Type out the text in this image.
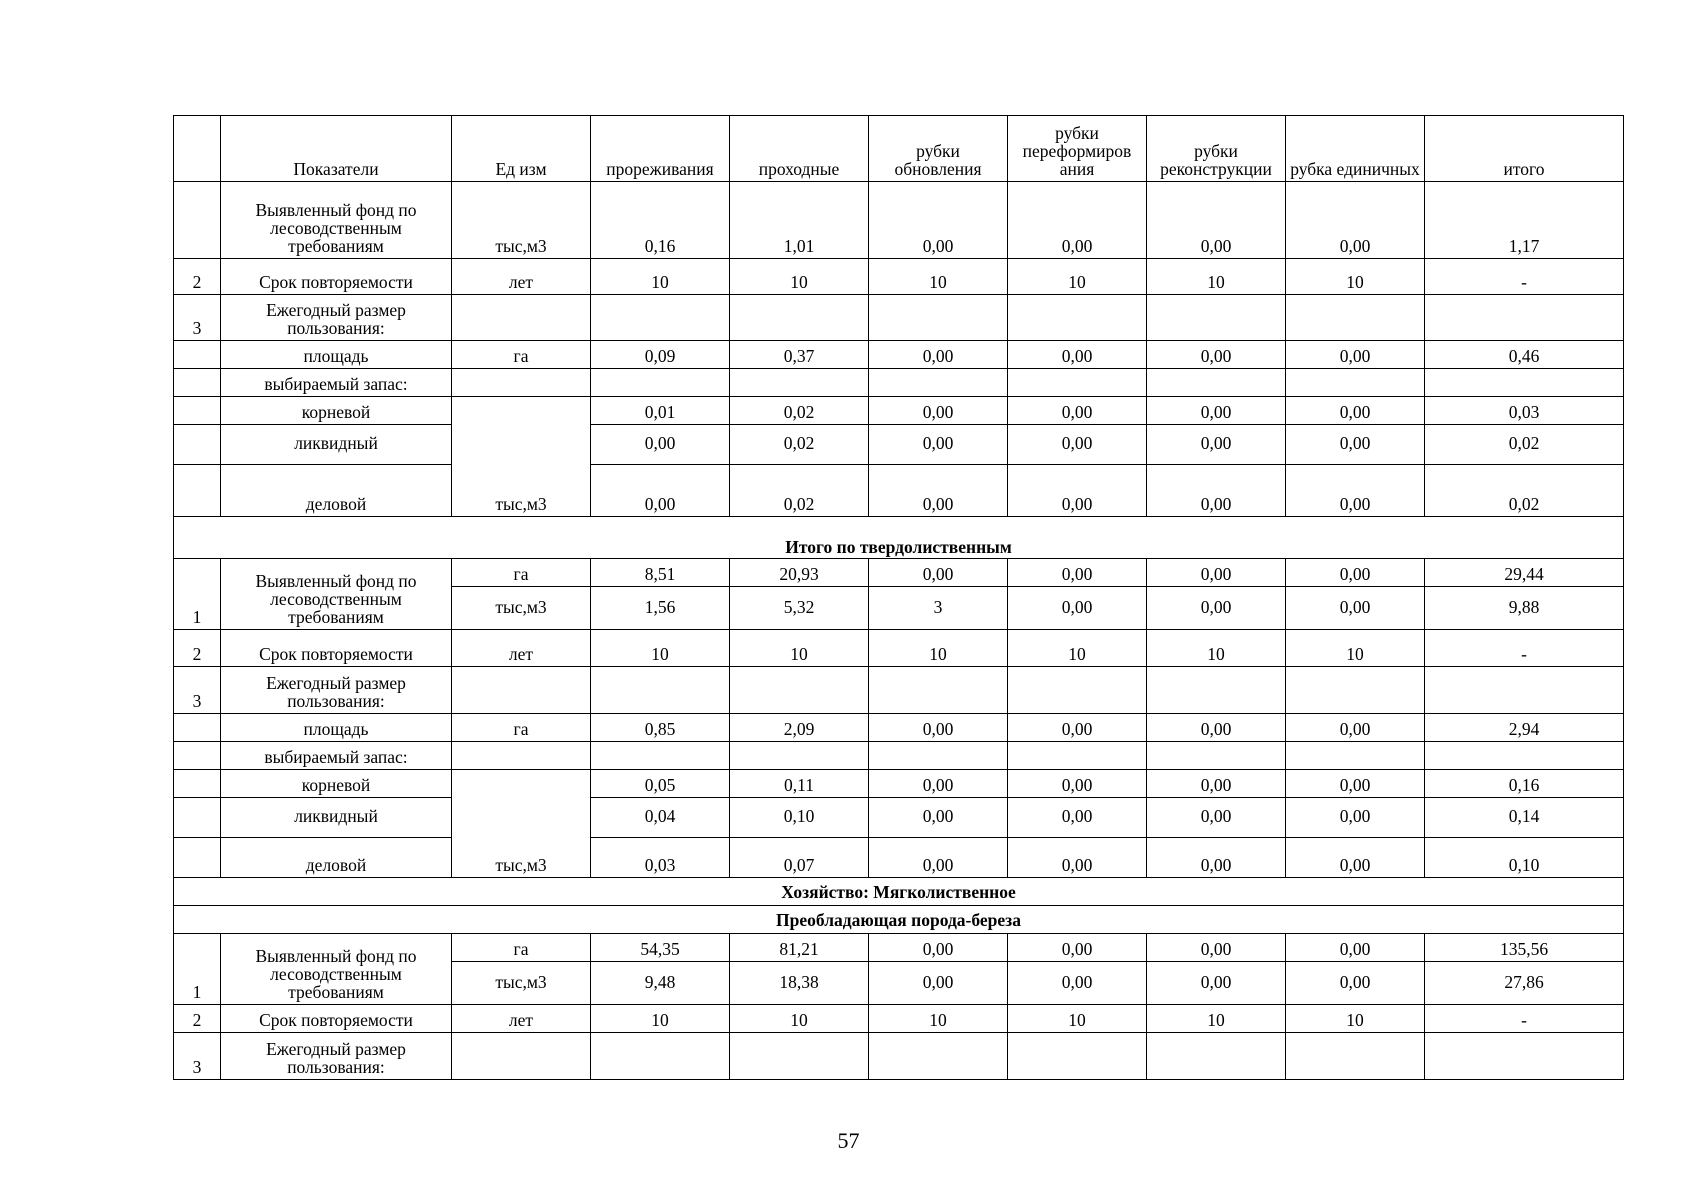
	Показатели	Ед изм	прореживания	проходные	рубки обновления	рубки переформиров ания	рубки реконструкции	рубка единичных	итого
	Выявленный фонд по лесоводственным требованиям	тыс,м3	0,16	1,01	0,00	0,00	0,00	0,00	1,17
2	Срок повторяемости	лет	10	10	10	10	10	10	-
3	Ежегодный размер пользования:								
	площадь	га	0,09	0,37	0,00	0,00	0,00	0,00	0,46
	выбираемый запас:								
	корневой	тыс,м3	0,01	0,02	0,00	0,00	0,00	0,00	0,03
	ликвидный		0,00	0,02	0,00	0,00	0,00	0,00	0,02
	деловой		0,00	0,02	0,00	0,00	0,00	0,00	0,02
Итого по твердолиственным									
1	Выявленный фонд по лесоводственным требованиям	га	8,51	20,93	0,00	0,00	0,00	0,00	29,44
		тыс,м3	1,56	5,32	3	0,00	0,00	0,00	9,88
2	Срок повторяемости	лет	10	10	10	10	10	10	-
3	Ежегодный размер пользования:								
	площадь	га	0,85	2,09	0,00	0,00	0,00	0,00	2,94
	выбираемый запас:								
	корневой	тыс,м3	0,05	0,11	0,00	0,00	0,00	0,00	0,16
	ликвидный		0,04	0,10	0,00	0,00	0,00	0,00	0,14
	деловой		0,03	0,07	0,00	0,00	0,00	0,00	0,10
Хозяйство: Мягколиственное									
Преобладающая порода-береза									
1	Выявленный фонд по лесоводственным требованиям	га	54,35	81,21	0,00	0,00	0,00	0,00	135,56
		тыс,м3	9,48	18,38	0,00	0,00	0,00	0,00	27,86
2	Срок повторяемости	лет	10	10	10	10	10	10	-
3	Ежегодный размер пользования:								
57
